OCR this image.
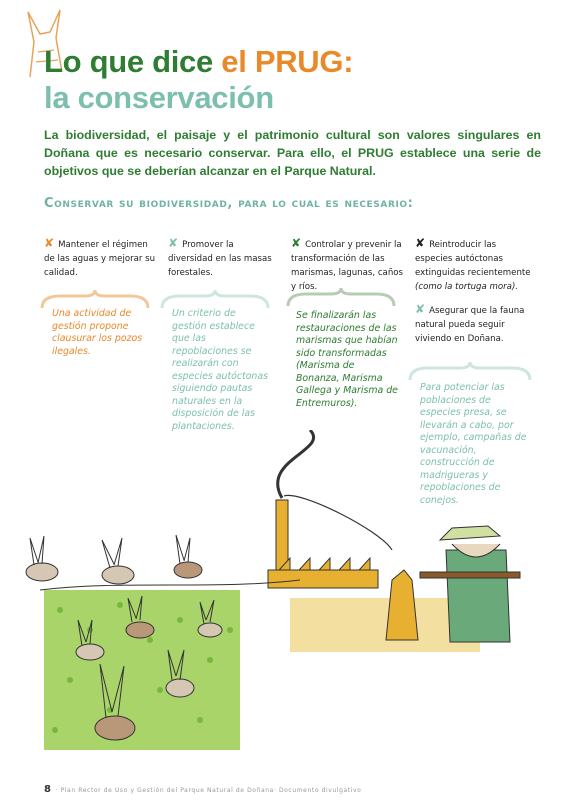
Lo que dice el PRUG:
la conservación
La biodiversidad, el paisaje y el patrimonio cultural son valores singulares en Doñana que es necesario conservar. Para ello, el PRUG establece una serie de objetivos que se deberían alcanzar en el Parque Natural.
Conservar su biodiversidad, para lo cual es necesario:
✘ Mantener el régimen de las aguas y mejorar su calidad.
✘ Promover la diversidad en las masas forestales.
✘ Controlar y prevenir la transformación de las marismas, lagunas, caños y ríos.
✘ Reintroducir las especies autóctonas extinguidas recientemente (como la tortuga mora).
✘ Asegurar que la fauna natural pueda seguir viviendo en Doñana.
Una actividad de gestión propone clausurar los pozos ilegales.
Un criterio de gestión establece que las repoblaciones se realizarán con especies autóctonas siguiendo pautas naturales en la disposición de las plantaciones.
Se finalizarán las restauraciones de las marismas que habían sido transformadas (Marisma de Bonanza, Marisma Gallega y Marisma de Entremuros).
Para potenciar las poblaciones de especies presa, se llevarán a cabo, por ejemplo, campañas de vacunación, construcción de madrigueras y repoblaciones de conejos.
8 · Plan Rector de Uso y Gestión del Parque Natural de Doñana· Documento divulgativo
